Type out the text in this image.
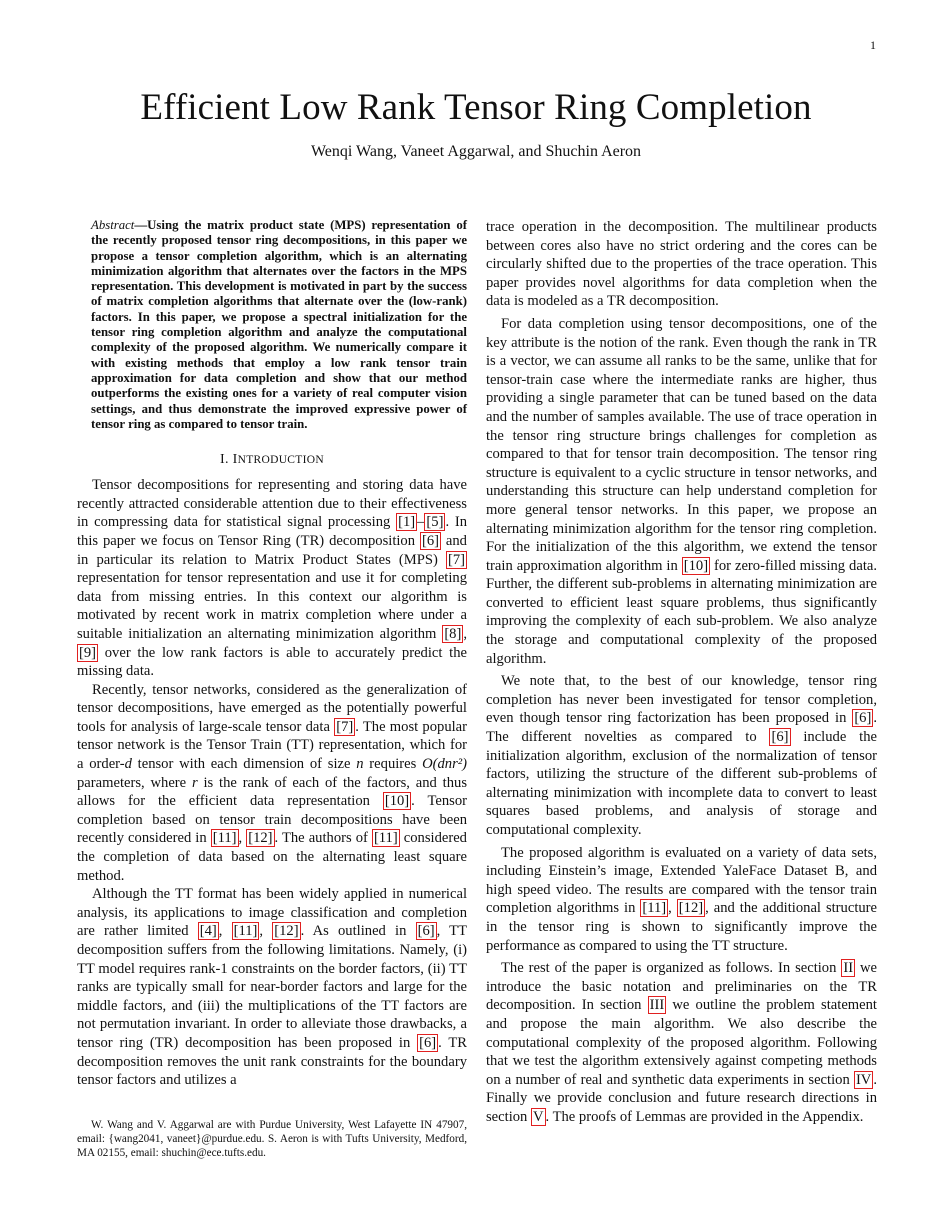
1
Efficient Low Rank Tensor Ring Completion
Wenqi Wang, Vaneet Aggarwal, and Shuchin Aeron

Abstract—Using the matrix product state (MPS) representation of the recently proposed tensor ring decompositions, in this paper we propose a tensor completion algorithm, which is an alternating minimization algorithm that alternates over the factors in the MPS representation. This development is motivated in part by the success of matrix completion algorithms that alternate over the (low-rank) factors. In this paper, we propose a spectral initialization for the tensor ring completion algorithm and analyze the computational complexity of the proposed algorithm. We numerically compare it with existing methods that employ a low rank tensor train approximation for data completion and show that our method outperforms the existing ones for a variety of real computer vision settings, and thus demonstrate the improved expressive power of tensor ring as compared to tensor train.

I. INTRODUCTION

Tensor decompositions for representing and storing data have recently attracted considerable attention due to their effectiveness in compressing data for statistical signal processing [1] – [5] . In this paper we focus on Tensor Ring (TR) decomposition [6] and in particular its relation to Matrix Product States (MPS) [7] representation for tensor representation and use it for completing data from missing entries. In this context our algorithm is motivated by recent work in matrix completion where under a suitable initialization an alternating minimization algorithm [8] , [9] over the low rank factors is able to accurately predict the missing data.

Recently, tensor networks, considered as the generalization of tensor decompositions, have emerged as the potentially powerful tools for analysis of large-scale tensor data [7] . The most popular tensor network is the Tensor Train (TT) representation, which for a order-d tensor with each dimension of size n requires O(dnr²) parameters, where r is the rank of each of the factors, and thus allows for the efficient data representation [10] . Tensor completion based on tensor train decompositions have been recently considered in [11] , [12] . The authors of [11] considered the completion of data based on the alternating least square method.

Although the TT format has been widely applied in numerical analysis, its applications to image classification and completion are rather limited [4] , [11] , [12] . As outlined in [6] , TT decomposition suffers from the following limitations. Namely, (i) TT model requires rank-1 constraints on the border factors, (ii) TT ranks are typically small for near-border factors and large for the middle factors, and (iii) the multiplications of the TT factors are not permutation invariant. In order to alleviate those drawbacks, a tensor ring (TR) decomposition has been proposed in [6] . TR decomposition removes the unit rank constraints for the boundary tensor factors and utilizes a

W. Wang and V. Aggarwal are with Purdue University, West Lafayette IN 47907, email: {wang2041, vaneet}@purdue.edu. S. Aeron is with Tufts University, Medford, MA 02155, email: shuchin@ece.tufts.edu.

trace operation in the decomposition. The multilinear products between cores also have no strict ordering and the cores can be circularly shifted due to the properties of the trace operation. This paper provides novel algorithms for data completion when the data is modeled as a TR decomposition.

For data completion using tensor decompositions, one of the key attribute is the notion of the rank. Even though the rank in TR is a vector, we can assume all ranks to be the same, unlike that for tensor-train case where the intermediate ranks are higher, thus providing a single parameter that can be tuned based on the data and the number of samples available. The use of trace operation in the tensor ring structure brings challenges for completion as compared to that for tensor train decomposition. The tensor ring structure is equivalent to a cyclic structure in tensor networks, and understanding this structure can help understand completion for more general tensor networks. In this paper, we propose an alternating minimization algorithm for the tensor ring completion. For the initialization of the this algorithm, we extend the tensor train approximation algorithm in [10] for zero-filled missing data. Further, the different sub-problems in alternating minimization are converted to efficient least square problems, thus significantly improving the complexity of each sub-problem. We also analyze the storage and computational complexity of the proposed algorithm.

We note that, to the best of our knowledge, tensor ring completion has never been investigated for tensor completion, even though tensor ring factorization has been proposed in [6] . The different novelties as compared to [6] include the initialization algorithm, exclusion of the normalization of tensor factors, utilizing the structure of the different sub-problems of alternating minimization with incomplete data to convert to least squares based problems, and analysis of storage and computational complexity.

The proposed algorithm is evaluated on a variety of data sets, including Einstein’s image, Extended YaleFace Dataset B, and high speed video. The results are compared with the tensor train completion algorithms in [11] , [12] , and the additional structure in the tensor ring is shown to significantly improve the performance as compared to using the TT structure.

The rest of the paper is organized as follows. In section II we introduce the basic notation and preliminaries on the TR decomposition. In section III we outline the problem statement and propose the main algorithm. We also describe the computational complexity of the proposed algorithm. Following that we test the algorithm extensively against competing methods on a number of real and synthetic data experiments in section IV . Finally we provide conclusion and future research directions in section V . The proofs of Lemmas are provided in the Appendix.
